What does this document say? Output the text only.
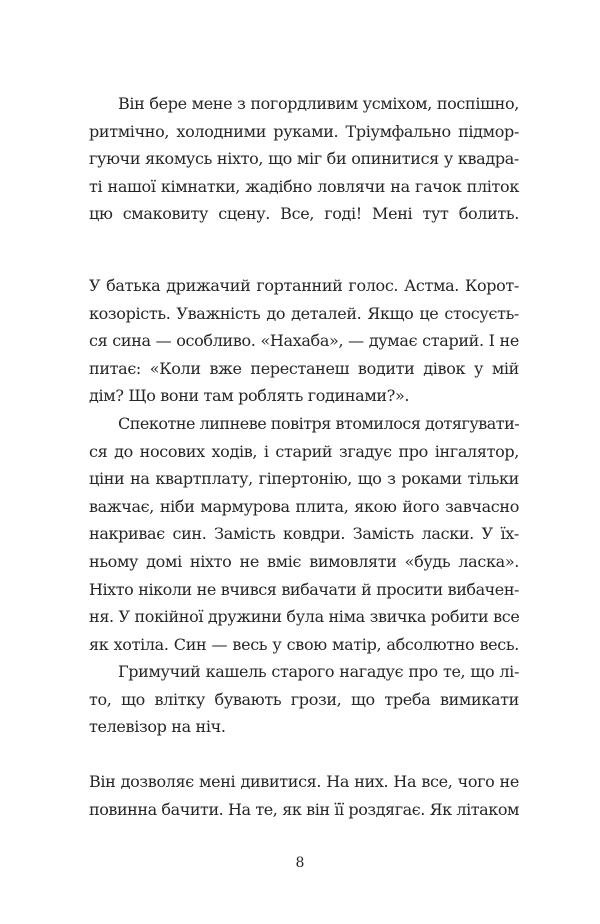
Він бере мене з погордливим усміхом, поспішно,
ритмічно, холодними руками. Тріумфально підмор-
гуючи якомусь ніхто, що міг би опинитися у квадра-
ті нашої кімнатки, жадібно ловлячи на гачок пліток
цю смаковиту сцену. Все, годі! Мені тут болить.
У батька дрижачий гортанний голос. Астма. Корот-
козорість. Уважність до деталей. Якщо це стосуєть-
ся сина — особливо. «Нахаба», — думає старий. І не
питає: «Коли вже перестанеш водити дівок у мій
дім? Що вони там роблять годинами?».
Спекотне липневе повітря втомилося дотягувати-
ся до носових ходів, і старий згадує про інгалятор,
ціни на квартплату, гіпертонію, що з роками тільки
важчає, ніби мармурова плита, якою його завчасно
накриває син. Замість ковдри. Замість ласки. У їх-
ньому домі ніхто не вміє вимовляти «будь ласка».
Ніхто ніколи не вчився вибачати й просити вибачен-
ня. У покійної дружини була німа звичка робити все
як хотіла. Син — весь у свою матір, абсолютно весь.
Гримучий кашель старого нагадує про те, що лі-
то, що влітку бувають грози, що треба вимикати
телевізор на ніч.
Він дозволяє мені дивитися. На них. На все, чого не
повинна бачити. На те, як він її роздягає. Як літаком
8
